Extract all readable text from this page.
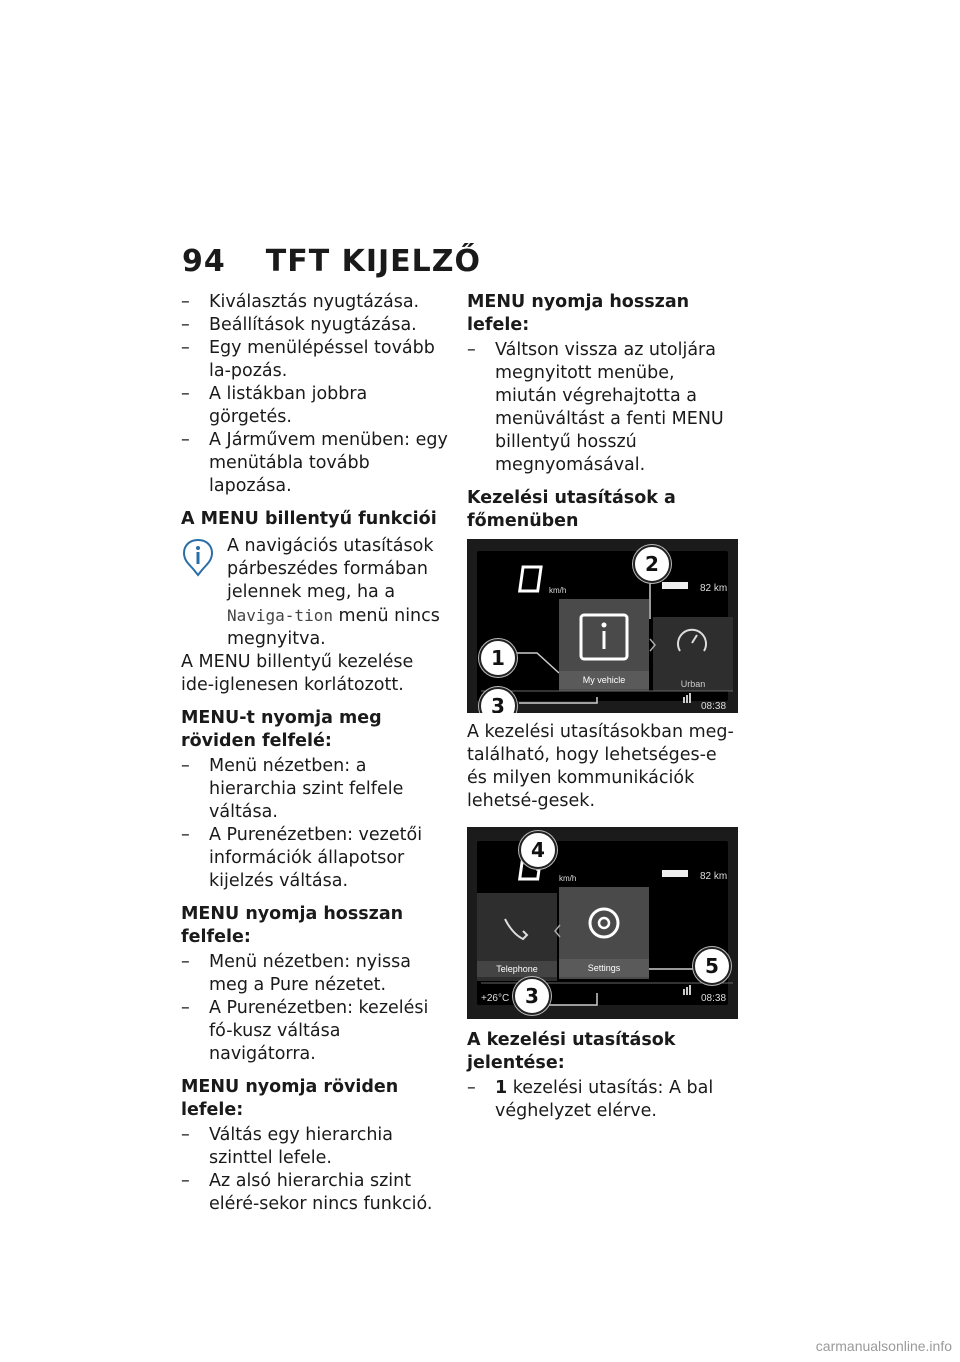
94 TFT KIJELZŐ
– Kiválasztás nyugtázása.
– Beállítások nyugtázása.
– Egy menülépéssel tovább la-pozás.
– A listákban jobbra görgetés.
– A Járművem menüben: egy menütábla tovább lapozása.
A MENU billentyű funkciói
A navigációs utasítások párbeszédes formában jelennek meg, ha a Naviga-tion menü nincs megnyitva.

A MENU billentyű kezelése ide-iglenesen korlátozott.

MENU-t nyomja meg röviden felfelé:
– Menü nézetben: a hierarchia szint felfele váltása.
– A Purenézetben: vezetői információk állapotsor kijelzés váltása.
MENU nyomja hosszan felfele:
– Menü nézetben: nyissa meg a Pure nézetet.
– A Purenézetben: kezelési fó-kusz váltása navigátorra.
MENU nyomja röviden lefele:
– Váltás egy hierarchia szinttel lefele.
– Az alsó hierarchia szint eléré-sekor nincs funkció.
MENU nyomja hosszan lefele:
– Váltson vissza az utoljára megnyitott menübe, miután végrehajtotta a menüváltást a fenti MENU billentyű hosszú megnyomásával.
Kezelési utasítások a főmenüben
km/h	82 km
My vehicle	Urban
08:38
1
2
3

A kezelési utasításokban meg-található, hogy lehetséges-e és milyen kommunikációk lehetsé-gesek.

km/h	82 km
Settings
Telephone
+26°C	08:38
4
3
5
A kezelési utasítások jelentése:
– 1 kezelési utasítás: A bal véghelyzet elérve.
carmanualsonline.info
